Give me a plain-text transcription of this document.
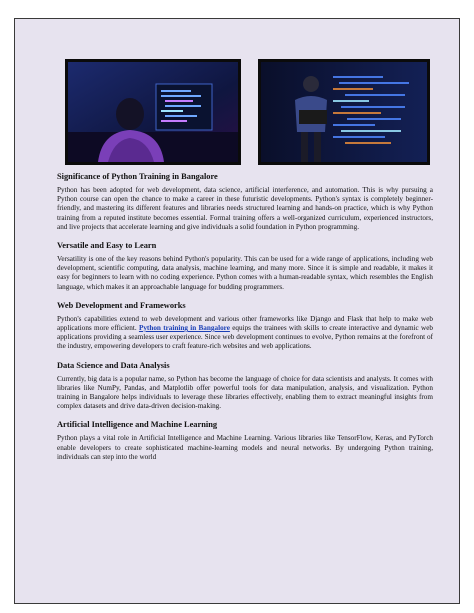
Significance of Python Training in Bangalore

Python has been adopted for web development, data science, artificial interference, and automation. This is why pursuing a Python course can open the chance to make a career in these futuristic developments. Python's syntax is completely beginner-friendly, and mastering its different features and libraries needs structured learning and hands-on practice, which is why Python training from a reputed institute becomes essential. Formal training offers a well-organized curriculum, experienced instructors, and live projects that accelerate learning and give individuals a solid foundation in Python programming.

Versatile and Easy to Learn

Versatility is one of the key reasons behind Python's popularity. This can be used for a wide range of applications, including web development, scientific computing, data analysis, machine learning, and many more. Since it is simple and readable, it makes it easy for beginners to learn with no coding experience. Python comes with a human-readable syntax, which resembles the English language, which makes it an approachable language for budding programmers.

Web Development and Frameworks

Python's capabilities extend to web development and various other frameworks like Django and Flask that help to make web applications more efficient. Python training in Bangalore equips the trainees with skills to create interactive and dynamic web applications providing a seamless user experience. Since web development continues to evolve, Python remains at the forefront of the industry, empowering developers to craft feature-rich websites and web applications.

Data Science and Data Analysis

Currently, big data is a popular name, so Python has become the language of choice for data scientists and analysts. It comes with libraries like NumPy, Pandas, and Matplotlib offer powerful tools for data manipulation, analysis, and visualization. Python training in Bangalore helps individuals to leverage these libraries effectively, enabling them to extract meaningful insights from complex datasets and drive data-driven decision-making.

Artificial Intelligence and Machine Learning

Python plays a vital role in Artificial Intelligence and Machine Learning. Various libraries like TensorFlow, Keras, and PyTorch enable developers to create sophisticated machine-learning models and neural networks. By undergoing Python training, individuals can step into the world
